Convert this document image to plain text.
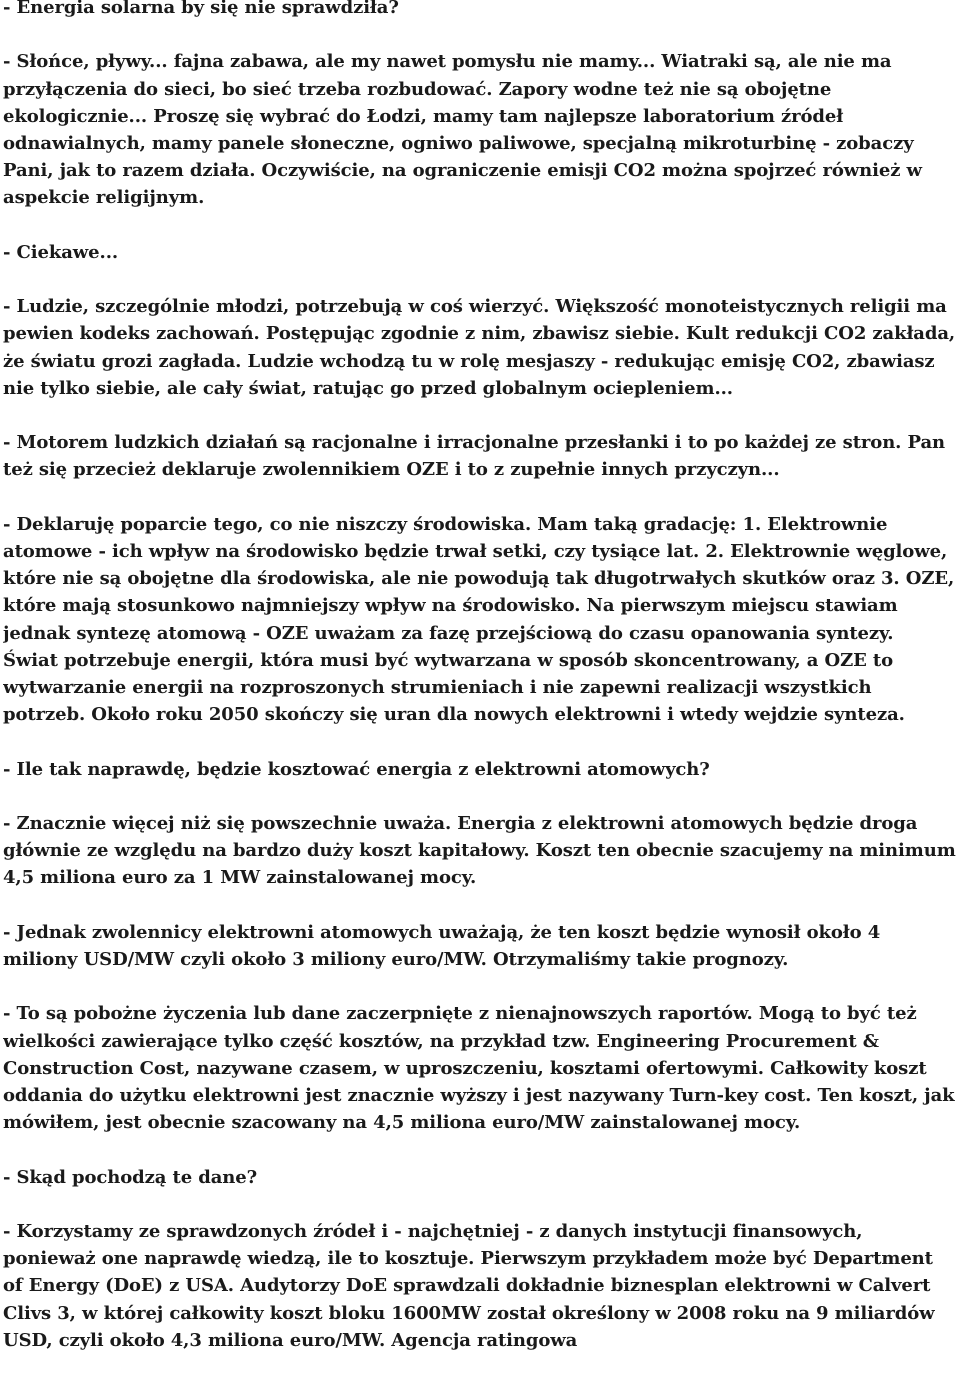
- Energia solarna by się nie sprawdziła?

- Słońce, pływy... fajna zabawa, ale my nawet pomysłu nie mamy... Wiatraki są, ale nie ma przyłączenia do sieci, bo sieć trzeba rozbudować. Zapory wodne też nie są obojętne ekologicznie... Proszę się wybrać do Łodzi, mamy tam najlepsze laboratorium źródeł odnawialnych, mamy panele słoneczne, ogniwo paliwowe, specjalną mikroturbinę - zobaczy Pani, jak to razem działa. Oczywiście, na ograniczenie emisji CO2 można spojrzeć również w aspekcie religijnym.

- Ciekawe...

- Ludzie, szczególnie młodzi, potrzebują w coś wierzyć. Większość monoteistycznych religii ma pewien kodeks zachowań. Postępując zgodnie z nim, zbawisz siebie. Kult redukcji CO2 zakłada, że światu grozi zagłada. Ludzie wchodzą tu w rolę mesjaszy - redukując emisję CO2, zbawiasz nie tylko siebie, ale cały świat, ratując go przed globalnym ociepleniem...

- Motorem ludzkich działań są racjonalne i irracjonalne przesłanki i to po każdej ze stron. Pan też się przecież deklaruje zwolennikiem OZE i to z zupełnie innych przyczyn...

- Deklaruję poparcie tego, co nie niszczy środowiska. Mam taką gradację: 1. Elektrownie atomowe - ich wpływ na środowisko będzie trwał setki, czy tysiące lat. 2. Elektrownie węglowe, które nie są obojętne dla środowiska, ale nie powodują tak długotrwałych skutków oraz 3. OZE, które mają stosunkowo najmniejszy wpływ na środowisko. Na pierwszym miejscu stawiam jednak syntezę atomową - OZE uważam za fazę przejściową do czasu opanowania syntezy.

Świat potrzebuje energii, która musi być wytwarzana w sposób skoncentrowany, a OZE to wytwarzanie energii na rozproszonych strumieniach i nie zapewni realizacji wszystkich potrzeb. Około roku 2050 skończy się uran dla nowych elektrowni i wtedy wejdzie synteza.

- Ile tak naprawdę, będzie kosztować energia z elektrowni atomowych?

- Znacznie więcej niż się powszechnie uważa. Energia z elektrowni atomowych będzie droga głównie ze względu na bardzo duży koszt kapitałowy. Koszt ten obecnie szacujemy na minimum 4,5 miliona euro za 1 MW zainstalowanej mocy.

- Jednak zwolennicy elektrowni atomowych uważają, że ten koszt będzie wynosił około 4 miliony USD/MW czyli około 3 miliony euro/MW. Otrzymaliśmy takie prognozy.

- To są pobożne życzenia lub dane zaczerpnięte z nienajnowszych raportów. Mogą to być też wielkości zawierające tylko część kosztów, na przykład tzw. Engineering Procurement & Construction Cost, nazywane czasem, w uproszczeniu, kosztami ofertowymi. Całkowity koszt oddania do użytku elektrowni jest znacznie wyższy i jest nazywany Turn-key cost. Ten koszt, jak mówiłem, jest obecnie szacowany na 4,5 miliona euro/MW zainstalowanej mocy.

- Skąd pochodzą te dane?

- Korzystamy ze sprawdzonych źródeł i - najchętniej - z danych instytucji finansowych, ponieważ one naprawdę wiedzą, ile to kosztuje. Pierwszym przykładem może być Department of Energy (DoE) z USA. Audytorzy DoE sprawdzali dokładnie biznesplan elektrowni w Calvert Clivs 3, w której całkowity koszt bloku 1600MW został określony w 2008 roku na 9 miliardów USD, czyli około 4,3 miliona euro/MW. Agencja ratingowa
